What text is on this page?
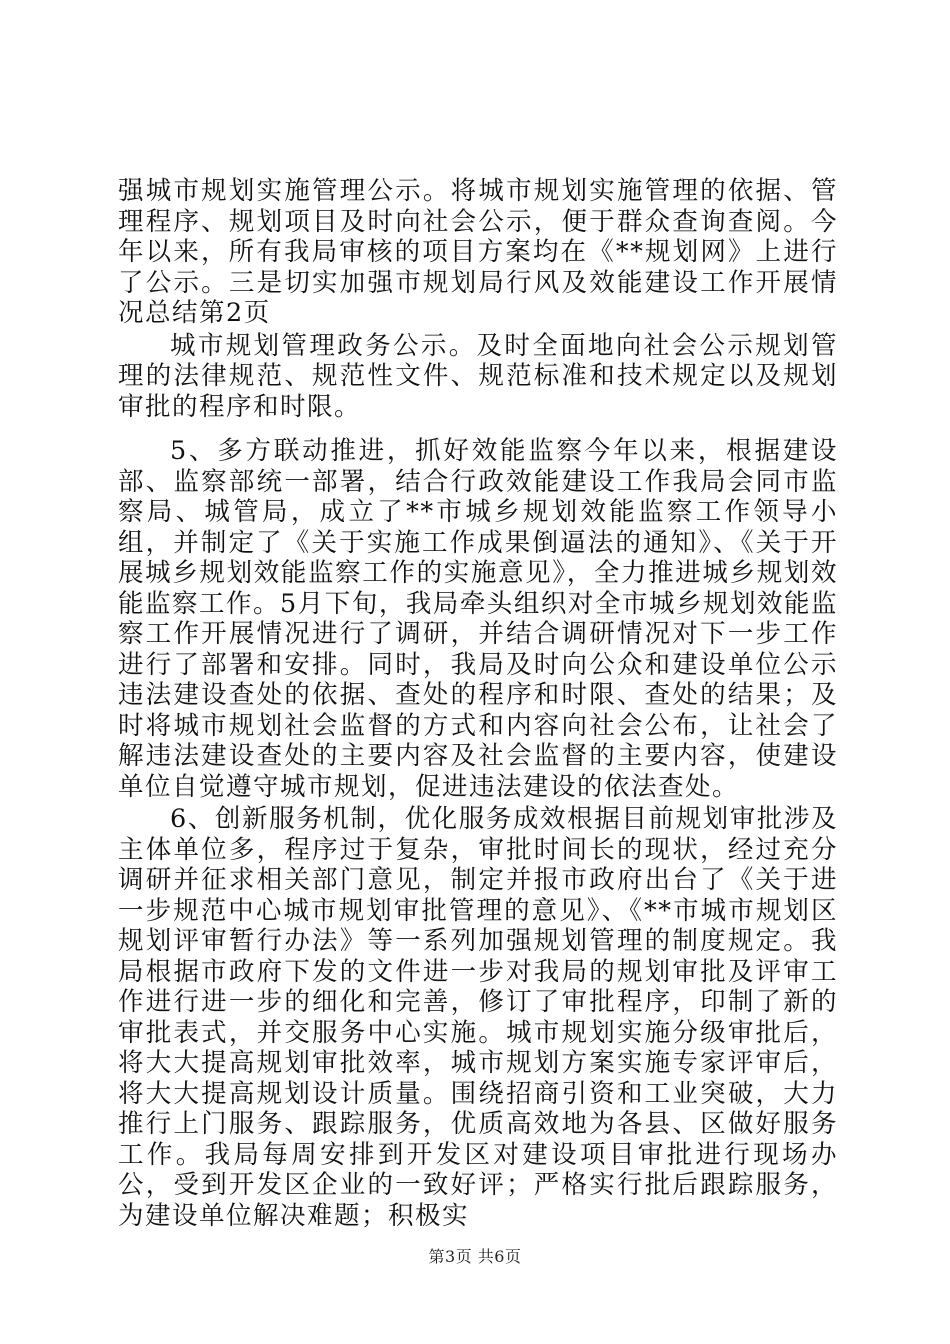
强城市规划实施管理公示。将城市规划实施管理的依据、管理程序、规划项目及时向社会公示，便于群众查询查阅。今年以来，所有我局审核的项目方案均在《**规划网》上进行了公示。三是切实加强市规划局行风及效能建设工作开展情况总结第2页

城市规划管理政务公示。及时全面地向社会公示规划管理的法律规范、规范性文件、规范标准和技术规定以及规划审批的程序和时限。

5、多方联动推进，抓好效能监察今年以来，根据建设部、监察部统一部署，结合行政效能建设工作我局会同市监察局、城管局，成立了**市城乡规划效能监察工作领导小组，并制定了《关于实施工作成果倒逼法的通知》、《关于开展城乡规划效能监察工作的实施意见》，全力推进城乡规划效能监察工作。5月下旬，我局牵头组织对全市城乡规划效能监察工作开展情况进行了调研，并结合调研情况对下一步工作进行了部署和安排。同时，我局及时向公众和建设单位公示违法建设查处的依据、查处的程序和时限、查处的结果；及时将城市规划社会监督的方式和内容向社会公布，让社会了解违法建设查处的主要内容及社会监督的主要内容，使建设单位自觉遵守城市规划，促进违法建设的依法查处。

6、创新服务机制，优化服务成效根据目前规划审批涉及主体单位多，程序过于复杂，审批时间长的现状，经过充分调研并征求相关部门意见，制定并报市政府出台了《关于进一步规范中心城市规划审批管理的意见》、《**市城市规划区规划评审暂行办法》等一系列加强规划管理的制度规定。我局根据市政府下发的文件进一步对我局的规划审批及评审工作进行进一步的细化和完善，修订了审批程序，印制了新的审批表式，并交服务中心实施。城市规划实施分级审批后，将大大提高规划审批效率，城市规划方案实施专家评审后，将大大提高规划设计质量。围绕招商引资和工业突破，大力推行上门服务、跟踪服务，优质高效地为各县、区做好服务工作。我局每周安排到开发区对建设项目审批进行现场办公，受到开发区企业的一致好评；严格实行批后跟踪服务，为建设单位解决难题；积极实

第3页 共6页
